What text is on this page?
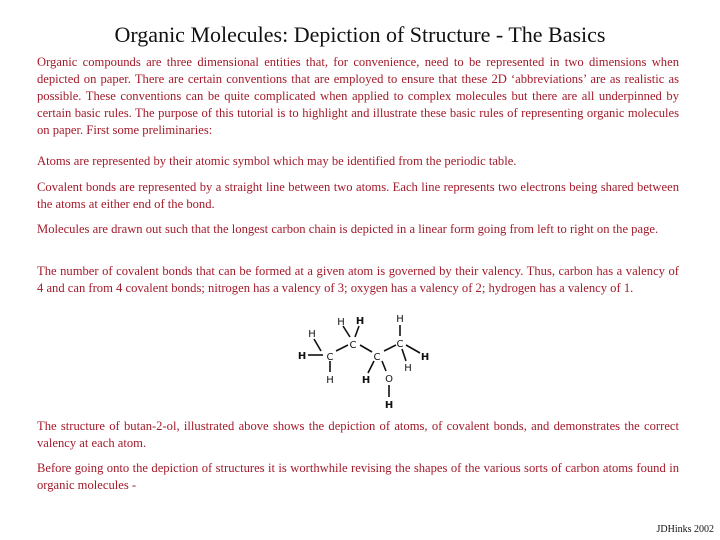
Organic Molecules: Depiction of Structure - The Basics

Organic compounds are three dimensional entities that, for convenience, need to be represented in two dimensions when depicted on paper. There are certain conventions that are employed to ensure that these 2D ‘abbreviations’ are as realistic as possible. These conventions can be quite complicated when applied to complex molecules but there are all underpinned by certain basic rules. The purpose of this tutorial is to highlight and illustrate these basic rules of representing organic molecules on paper. First some preliminaries:

Atoms are represented by their atomic symbol which may be identified from the periodic table.

Covalent bonds are represented by a straight line between two atoms. Each line represents two electrons being shared between the atoms at either end of the bond.

Molecules are drawn out such that the longest carbon chain is depicted in a linear form going from left to right on the page.

The number of covalent bonds that can be formed at a given atom is governed by their valency. Thus, carbon has a valency of 4 and can from 4 covalent bonds; nitrogen has a valency of 3; oxygen has a valency of 2; hydrogen has a valency of 1.

H C
H
H
C
H H
C
H O
H
C
H
H
H

The structure of butan-2-ol, illustrated above shows the depiction of atoms, of covalent bonds, and demonstrates the correct valency at each atom.

Before going onto the depiction of structures it is worthwhile revising the shapes of the various sorts of carbon atoms found in organic molecules -

JDHinks 2002
